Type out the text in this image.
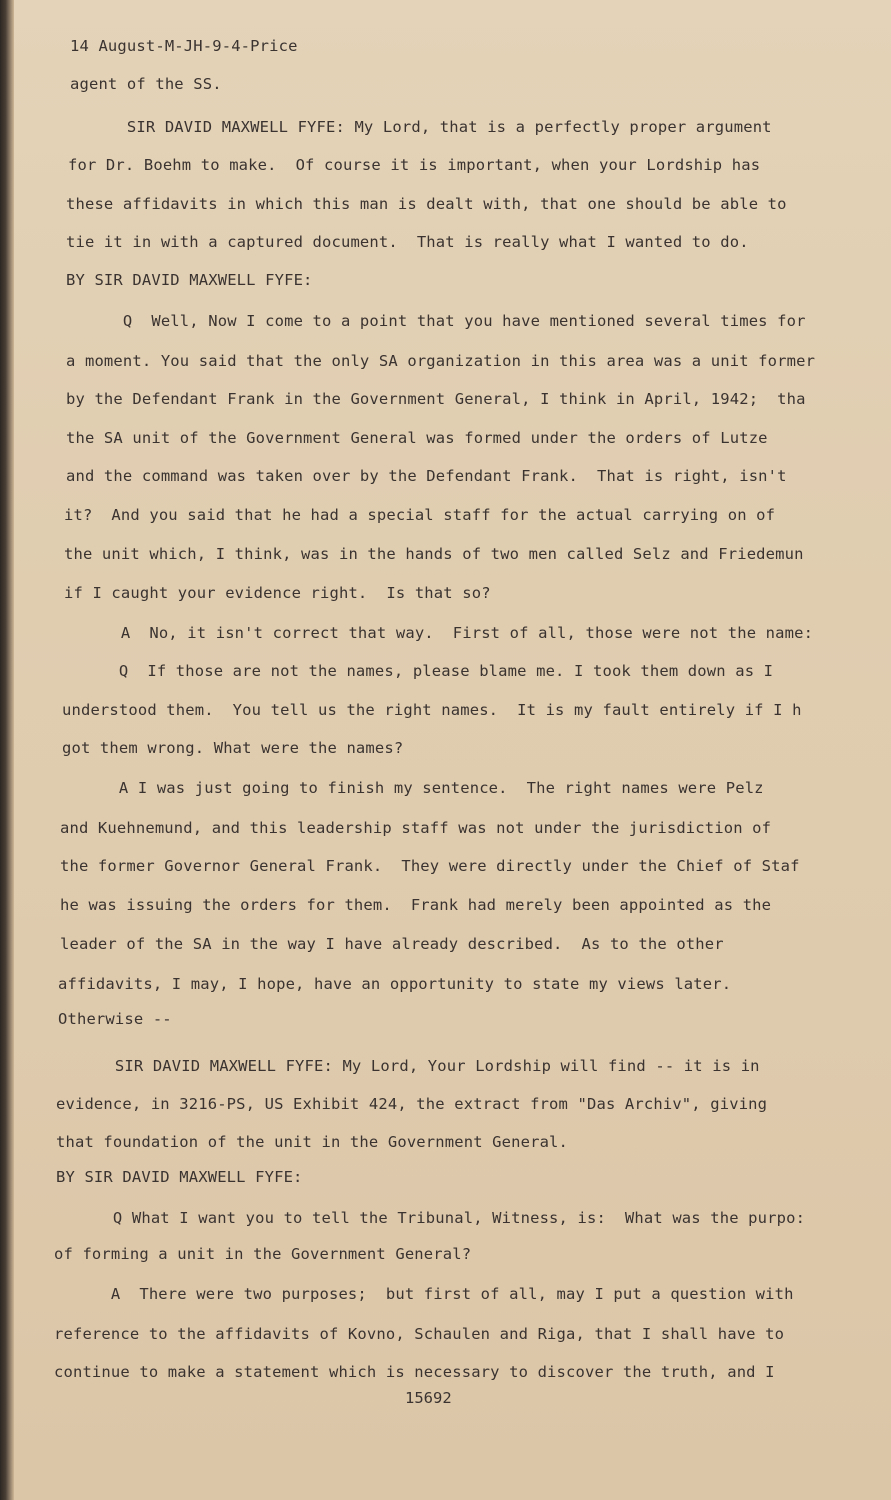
14 August-M-JH-9-4-Price
agent of the SS.
SIR DAVID MAXWELL FYFE: My Lord, that is a perfectly proper argument
for Dr. Boehm to make.  Of course it is important, when your Lordship has
these affidavits in which this man is dealt with, that one should be able to
tie it in with a captured document.  That is really what I wanted to do.
BY SIR DAVID MAXWELL FYFE:
Q  Well, Now I come to a point that you have mentioned several times for
a moment. You said that the only SA organization in this area was a unit former
by the Defendant Frank in the Government General, I think in April, 1942;  tha
the SA unit of the Government General was formed under the orders of Lutze
and the command was taken over by the Defendant Frank.  That is right, isn't
it?  And you said that he had a special staff for the actual carrying on of
the unit which, I think, was in the hands of two men called Selz and Friedemun
if I caught your evidence right.  Is that so?
A  No, it isn't correct that way.  First of all, those were not the name:
Q  If those are not the names, please blame me. I took them down as I
understood them.  You tell us the right names.  It is my fault entirely if I h
got them wrong. What were the names?
A I was just going to finish my sentence.  The right names were Pelz
and Kuehnemund, and this leadership staff was not under the jurisdiction of
the former Governor General Frank.  They were directly under the Chief of Staf
he was issuing the orders for them.  Frank had merely been appointed as the
leader of the SA in the way I have already described.  As to the other
affidavits, I may, I hope, have an opportunity to state my views later.
Otherwise --
SIR DAVID MAXWELL FYFE: My Lord, Your Lordship will find -- it is in
evidence, in 3216-PS, US Exhibit 424, the extract from "Das Archiv", giving
that foundation of the unit in the Government General.
BY SIR DAVID MAXWELL FYFE:
Q What I want you to tell the Tribunal, Witness, is:  What was the purpo:
of forming a unit in the Government General?
A  There were two purposes;  but first of all, may I put a question with
reference to the affidavits of Kovno, Schaulen and Riga, that I shall have to
continue to make a statement which is necessary to discover the truth, and I
15692
